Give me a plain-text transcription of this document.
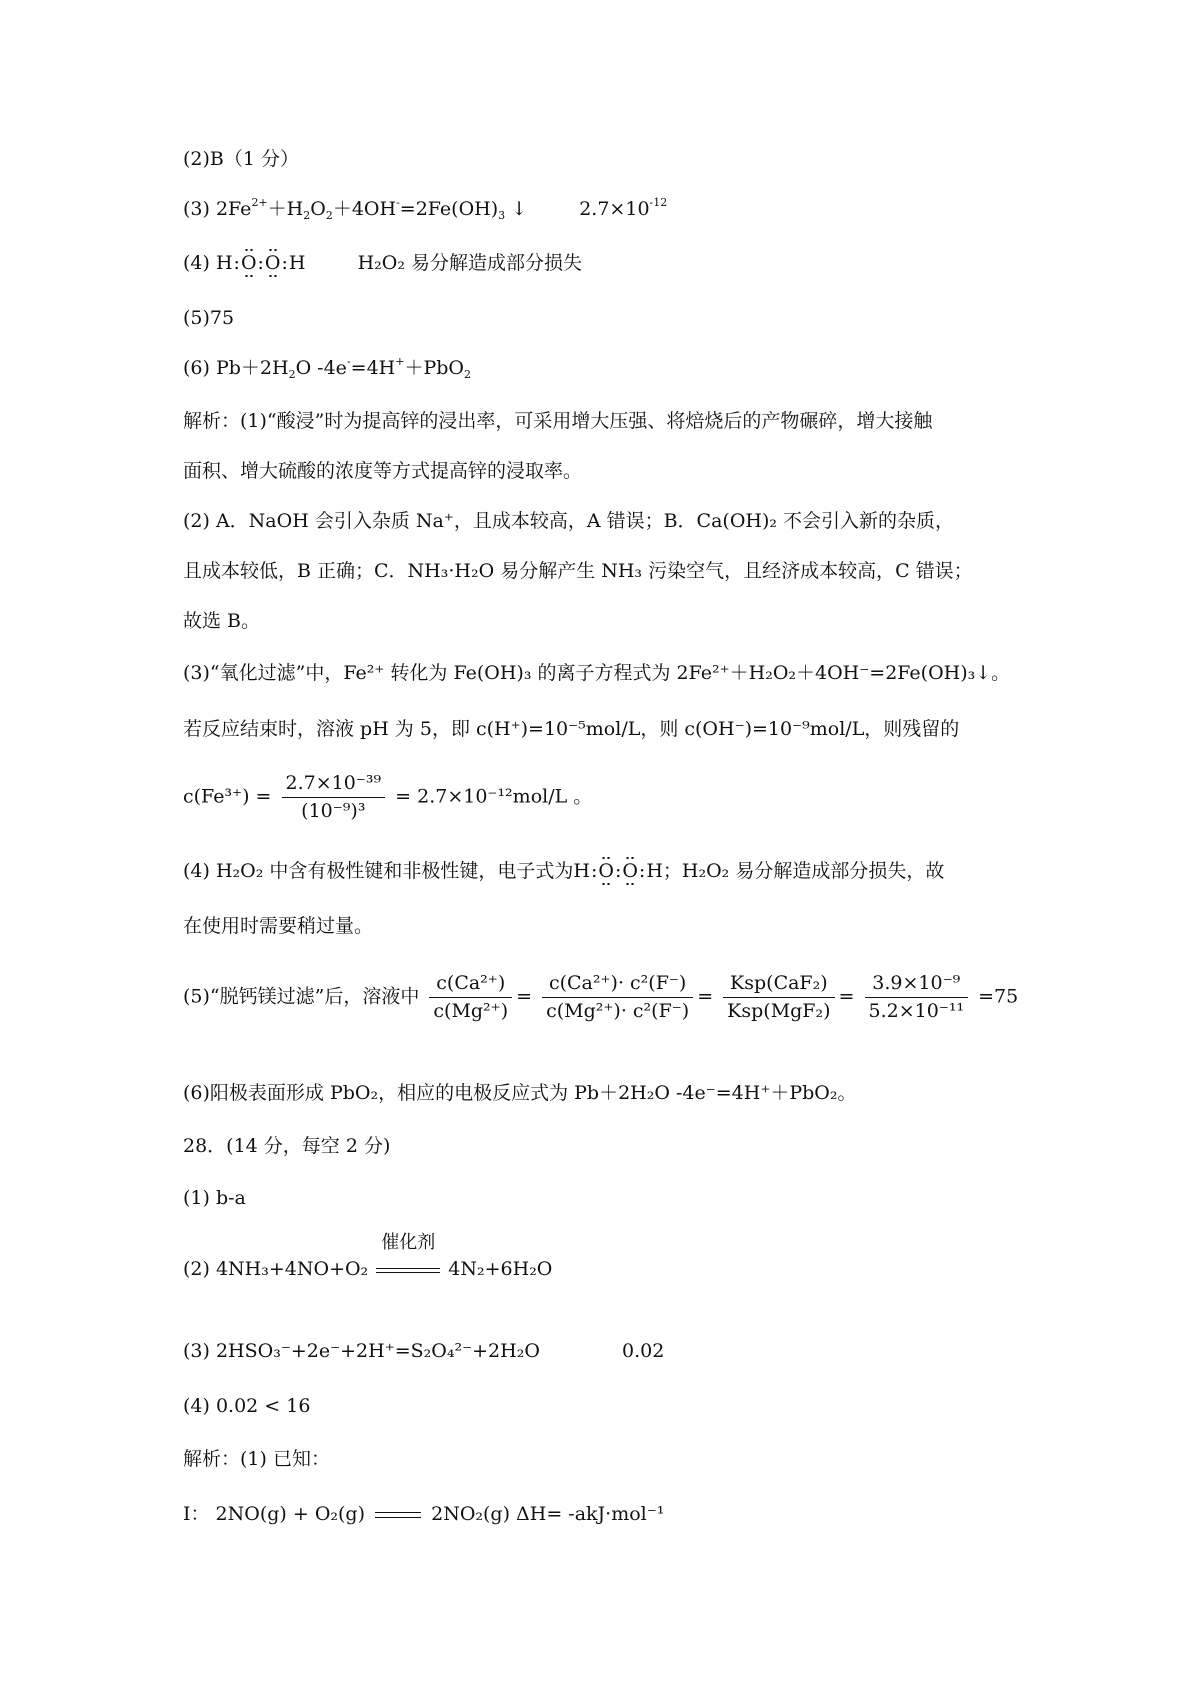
(2)B（1 分）
(3) $2Fe^{2+}+H_2O_2+4OH^-=2Fe(OH)_3$ ↓	$2.7\times 10^{-12}$
(4) H:O:O:H	H₂O₂ 易分解造成部分损失
(5)75
(6) $Pb+2H_2O$ -4e-=4H+＋PbO$_2$
解析：(1)“酸浸”时为提高锌的浸出率，可采用增大压强、将焙烧后的产物碾碎，增大接触
面积、增大硫酸的浓度等方式提高锌的浸取率。
(2) A．NaOH 会引入杂质 Na⁺，且成本较高，A 错误；B．Ca(OH)₂ 不会引入新的杂质，
且成本较低，B 正确；C．NH₃·H₂O 易分解产生 NH₃ 污染空气，且经济成本较高，C 错误；
故选 B。
(3)“氧化过滤”中，Fe²⁺ 转化为 Fe(OH)₃ 的离子方程式为 2Fe²⁺＋H₂O₂＋4OH⁻=2Fe(OH)₃↓。
若反应结束时，溶液 pH 为 5，即 c(H⁺)=10⁻⁵mol/L，则 c(OH⁻)=10⁻⁹mol/L，则残留的
$c(Fe^{3+}) = \frac{\text{2.7×10⁻³⁹}}{\text{(10⁻⁹)³}} = 2.7\times 10^{-12}mol/L$ 。
(4) H₂O₂ 中含有极性键和非极性键，电子式为H:O:O:H；H₂O₂ 易分解造成部分损失，故
在使用时需要稍过量。
(5)“脱钙镁过滤”后，溶液中 $\frac{\text{c(Ca²⁺)}}{\text{c(Mg²⁺)}} = \frac{\text{c(Ca²⁺)· c²(F⁻)}}{\text{c(Mg²⁺)· c²(F⁻)}} = \frac{\text{Ksp(CaF₂)}}{\text{Ksp(MgF₂)}} = \frac{\text{3.9×10⁻⁹}}{\text{5.2×10⁻¹¹}} =75$
(6)阳极表面形成 PbO₂，相应的电极反应式为 Pb＋2H₂O -4e⁻=4H⁺＋PbO₂。
28．(14 分，每空 2 分)
(1) b-a
(2) 4NH₃+4NO+O₂
催化剂
4N₂+6H₂O
(3) 2HSO₃⁻+2e⁻+2H⁺=S₂O₄²⁻+2H₂O	0.02
(4) 0.02 < 16
解析：(1) 已知：
I： 2NO(g) + O₂(g)	2NO₂(g) ΔH= -akJ·mol⁻¹
